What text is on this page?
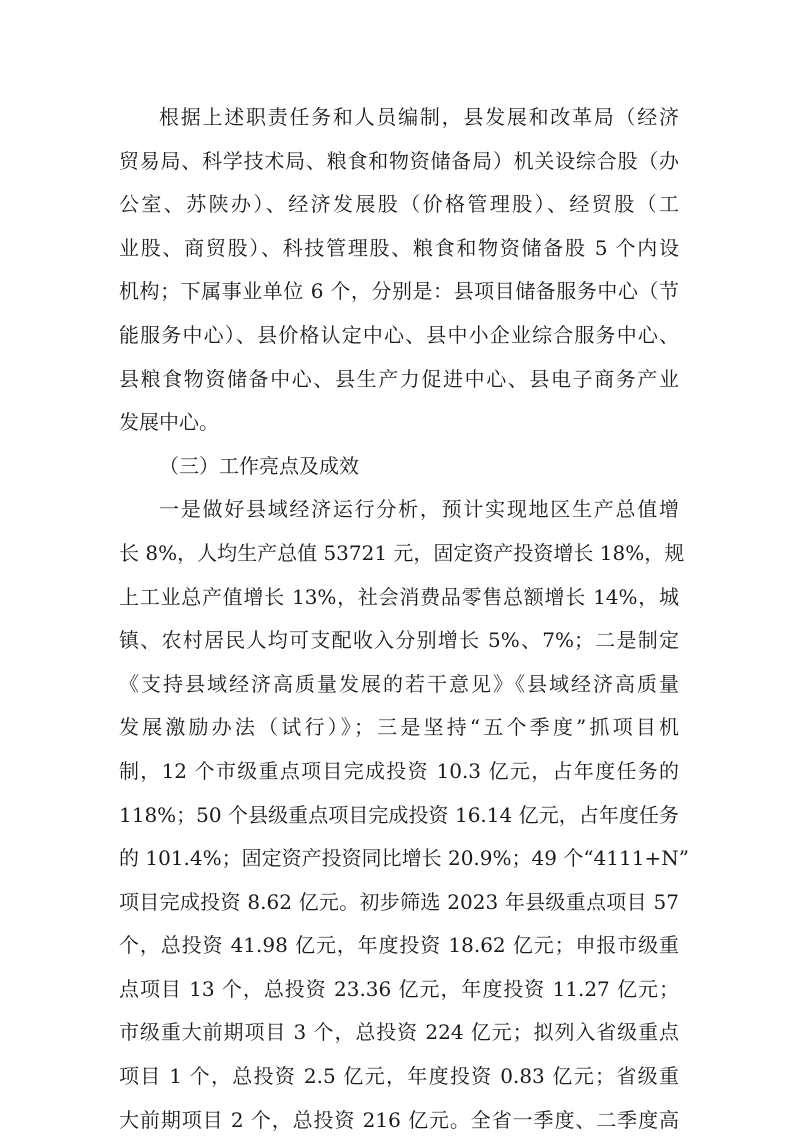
根据上述职责任务和人员编制，县发展和改革局（经济
贸易局、科学技术局、粮食和物资储备局）机关设综合股（办
公室、苏陕办）、经济发展股（价格管理股）、经贸股（工
业股、商贸股）、科技管理股、粮食和物资储备股 5 个内设
机构；下属事业单位 6 个，分别是：县项目储备服务中心（节
能服务中心）、县价格认定中心、县中小企业综合服务中心、
县粮食物资储备中心、县生产力促进中心、县电子商务产业
发展中心。
（三）工作亮点及成效
一是做好县域经济运行分析，预计实现地区生产总值增
长 8%，人均生产总值 53721 元，固定资产投资增长 18%，规
上工业总产值增长 13%，社会消费品零售总额增长 14%，城
镇、农村居民人均可支配收入分别增长 5%、7%；二是制定
《支持县域经济高质量发展的若干意见》《县域经济高质量
发展激励办法（试行）》；三是坚持“五个季度”抓项目机
制，12 个市级重点项目完成投资 10.3 亿元，占年度任务的
118%；50 个县级重点项目完成投资 16.14 亿元，占年度任务
的 101.4%；固定资产投资同比增长 20.9%；49 个“4111+N”
项目完成投资 8.62 亿元。初步筛选 2023 年县级重点项目 57
个，总投资 41.98 亿元，年度投资 18.62 亿元；申报市级重
点项目 13 个，总投资 23.36 亿元，年度投资 11.27 亿元；
市级重大前期项目 3 个，总投资 224 亿元；拟列入省级重点
项目 1 个，总投资 2.5 亿元，年度投资 0.83 亿元；省级重
大前期项目 2 个，总投资 216 亿元。全省一季度、二季度高
